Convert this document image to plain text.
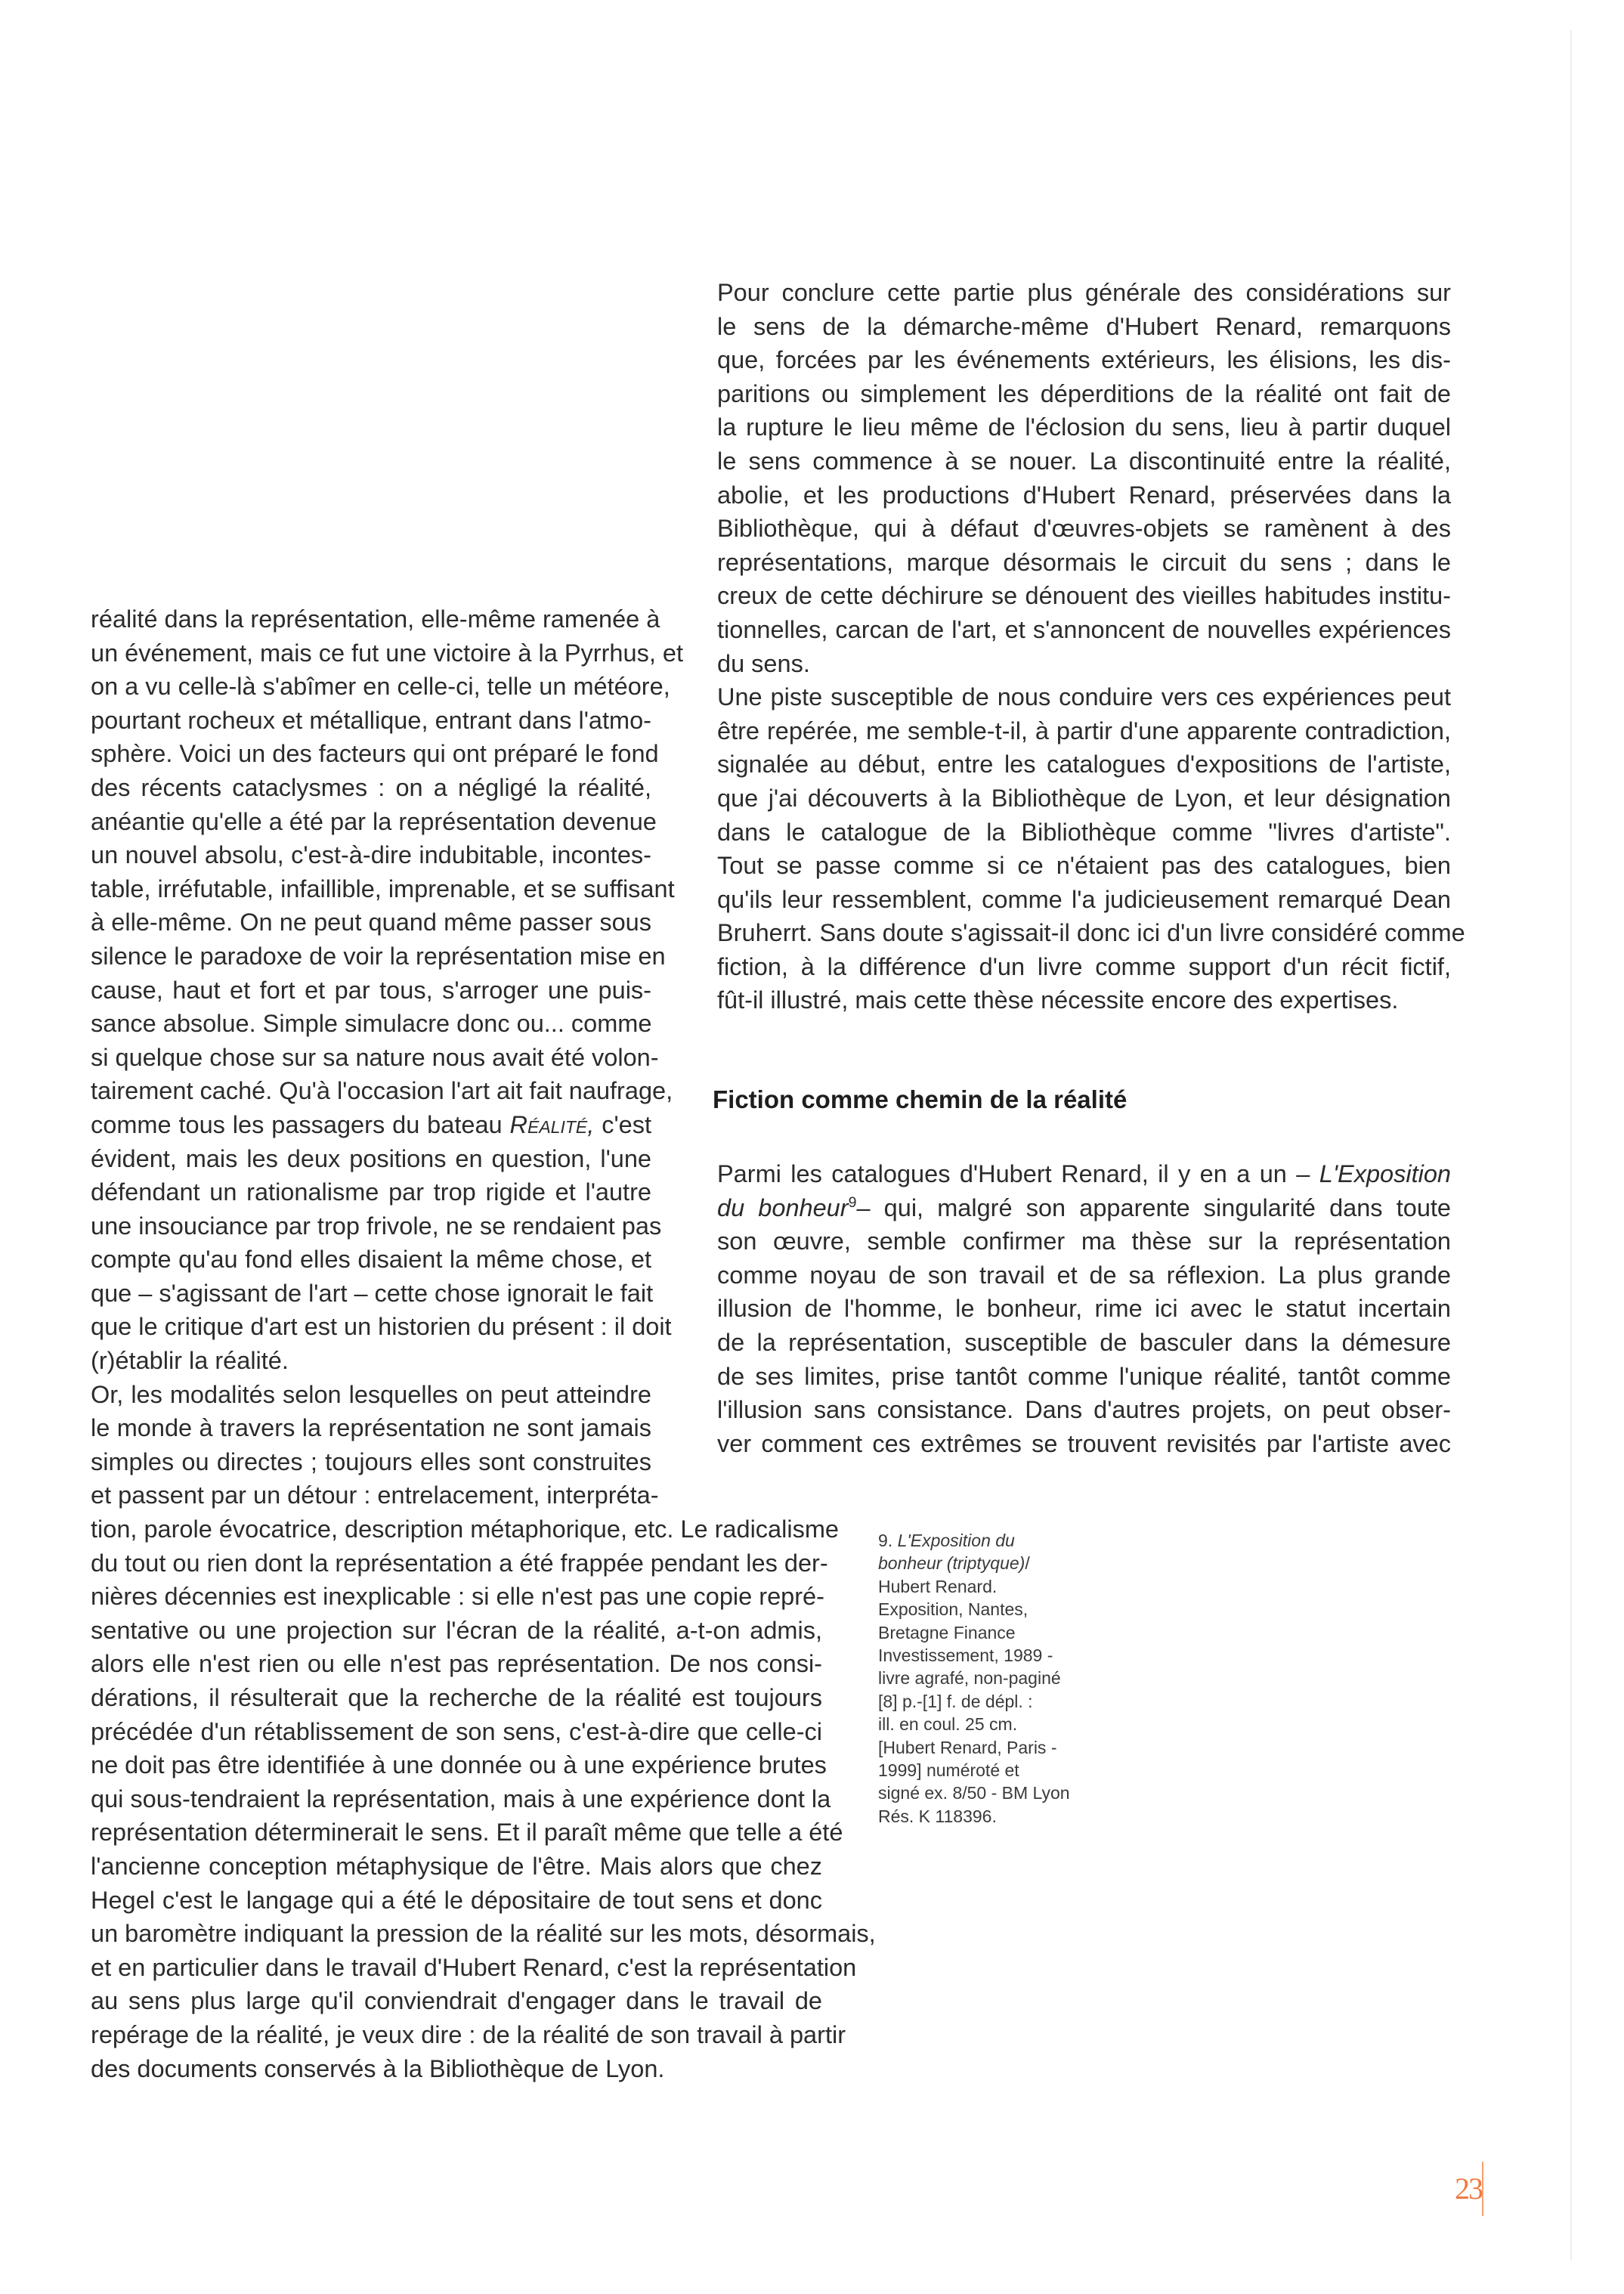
réalité dans la représentation, elle-même ramenée à
un événement, mais ce fut une victoire à la Pyrrhus, et
on a vu celle-là s'abîmer en celle-ci, telle un météore,
pourtant rocheux et métallique, entrant dans l'atmo-
sphère. Voici un des facteurs qui ont préparé le fond
des récents cataclysmes : on a négligé la réalité,
anéantie qu'elle a été par la représentation devenue
un nouvel absolu, c'est-à-dire indubitable, incontes-
table, irréfutable, infaillible, imprenable, et se suffisant
à elle-même. On ne peut quand même passer sous
silence le paradoxe de voir la représentation mise en
cause, haut et fort et par tous, s'arroger une puis-
sance absolue. Simple simulacre donc ou... comme
si quelque chose sur sa nature nous avait été volon-
tairement caché. Qu'à l'occasion l'art ait fait naufrage,
comme tous les passagers du bateau Réalité, c'est
évident, mais les deux positions en question, l'une
défendant un rationalisme par trop rigide et l'autre
une insouciance par trop frivole, ne se rendaient pas
compte qu'au fond elles disaient la même chose, et
que – s'agissant de l'art – cette chose ignorait le fait
que le critique d'art est un historien du présent : il doit
(r)établir la réalité.
Or, les modalités selon lesquelles on peut atteindre
le monde à travers la représentation ne sont jamais
simples ou directes ; toujours elles sont construites
et passent par un détour : entrelacement, interpréta-
tion, parole évocatrice, description métaphorique, etc. Le radicalisme
du tout ou rien dont la représentation a été frappée pendant les der-
nières décennies est inexplicable : si elle n'est pas une copie repré-
sentative ou une projection sur l'écran de la réalité, a-t-on admis,
alors elle n'est rien ou elle n'est pas représentation. De nos consi-
dérations, il résulterait que la recherche de la réalité est toujours
précédée d'un rétablissement de son sens, c'est-à-dire que celle-ci
ne doit pas être identifiée à une donnée ou à une expérience brutes
qui sous-tendraient la représentation, mais à une expérience dont la
représentation déterminerait le sens. Et il paraît même que telle a été
l'ancienne conception métaphysique de l'être. Mais alors que chez
Hegel c'est le langage qui a été le dépositaire de tout sens et donc
un baromètre indiquant la pression de la réalité sur les mots, désormais,
et en particulier dans le travail d'Hubert Renard, c'est la représentation
au sens plus large qu'il conviendrait d'engager dans le travail de
repérage de la réalité, je veux dire : de la réalité de son travail à partir
des documents conservés à la Bibliothèque de Lyon.
Pour conclure cette partie plus générale des considérations sur
le sens de la démarche-même d'Hubert Renard, remarquons
que, forcées par les événements extérieurs, les élisions, les dis-
paritions ou simplement les déperditions de la réalité ont fait de
la rupture le lieu même de l'éclosion du sens, lieu à partir duquel
le sens commence à se nouer. La discontinuité entre la réalité,
abolie, et les productions d'Hubert Renard, préservées dans la
Bibliothèque, qui à défaut d'œuvres-objets se ramènent à des
représentations, marque désormais le circuit du sens ; dans le
creux de cette déchirure se dénouent des vieilles habitudes institu-
tionnelles, carcan de l'art, et s'annoncent de nouvelles expériences
du sens.
Une piste susceptible de nous conduire vers ces expériences peut
être repérée, me semble-t-il, à partir d'une apparente contradiction,
signalée au début, entre les catalogues d'expositions de l'artiste,
que j'ai découverts à la Bibliothèque de Lyon, et leur désignation
dans le catalogue de la Bibliothèque comme "livres d'artiste".
Tout se passe comme si ce n'étaient pas des catalogues, bien
qu'ils leur ressemblent, comme l'a judicieusement remarqué Dean
Bruherrt. Sans doute s'agissait-il donc ici d'un livre considéré comme
fiction, à la différence d'un livre comme support d'un récit fictif,
fût-il illustré, mais cette thèse nécessite encore des expertises.
Fiction comme chemin de la réalité
Parmi les catalogues d'Hubert Renard, il y en a un – L'Exposition
du bonheur$^9$– qui, malgré son apparente singularité dans toute
son œuvre, semble confirmer ma thèse sur la représentation
comme noyau de son travail et de sa réflexion. La plus grande
illusion de l'homme, le bonheur, rime ici avec le statut incertain
de la représentation, susceptible de basculer dans la démesure
de ses limites, prise tantôt comme l'unique réalité, tantôt comme
l'illusion sans consistance. Dans d'autres projets, on peut obser-
ver comment ces extrêmes se trouvent revisités par l'artiste avec
9. L'Exposition du
bonheur (triptyque)/
Hubert Renard.
Exposition, Nantes,
Bretagne Finance
Investissement, 1989 -
livre agrafé, non-paginé
[8] p.-[1] f. de dépl. :
ill. en coul. 25 cm.
[Hubert Renard, Paris -
1999] numéroté et
signé ex. 8/50 - BM Lyon
Rés. K 118396.
23
